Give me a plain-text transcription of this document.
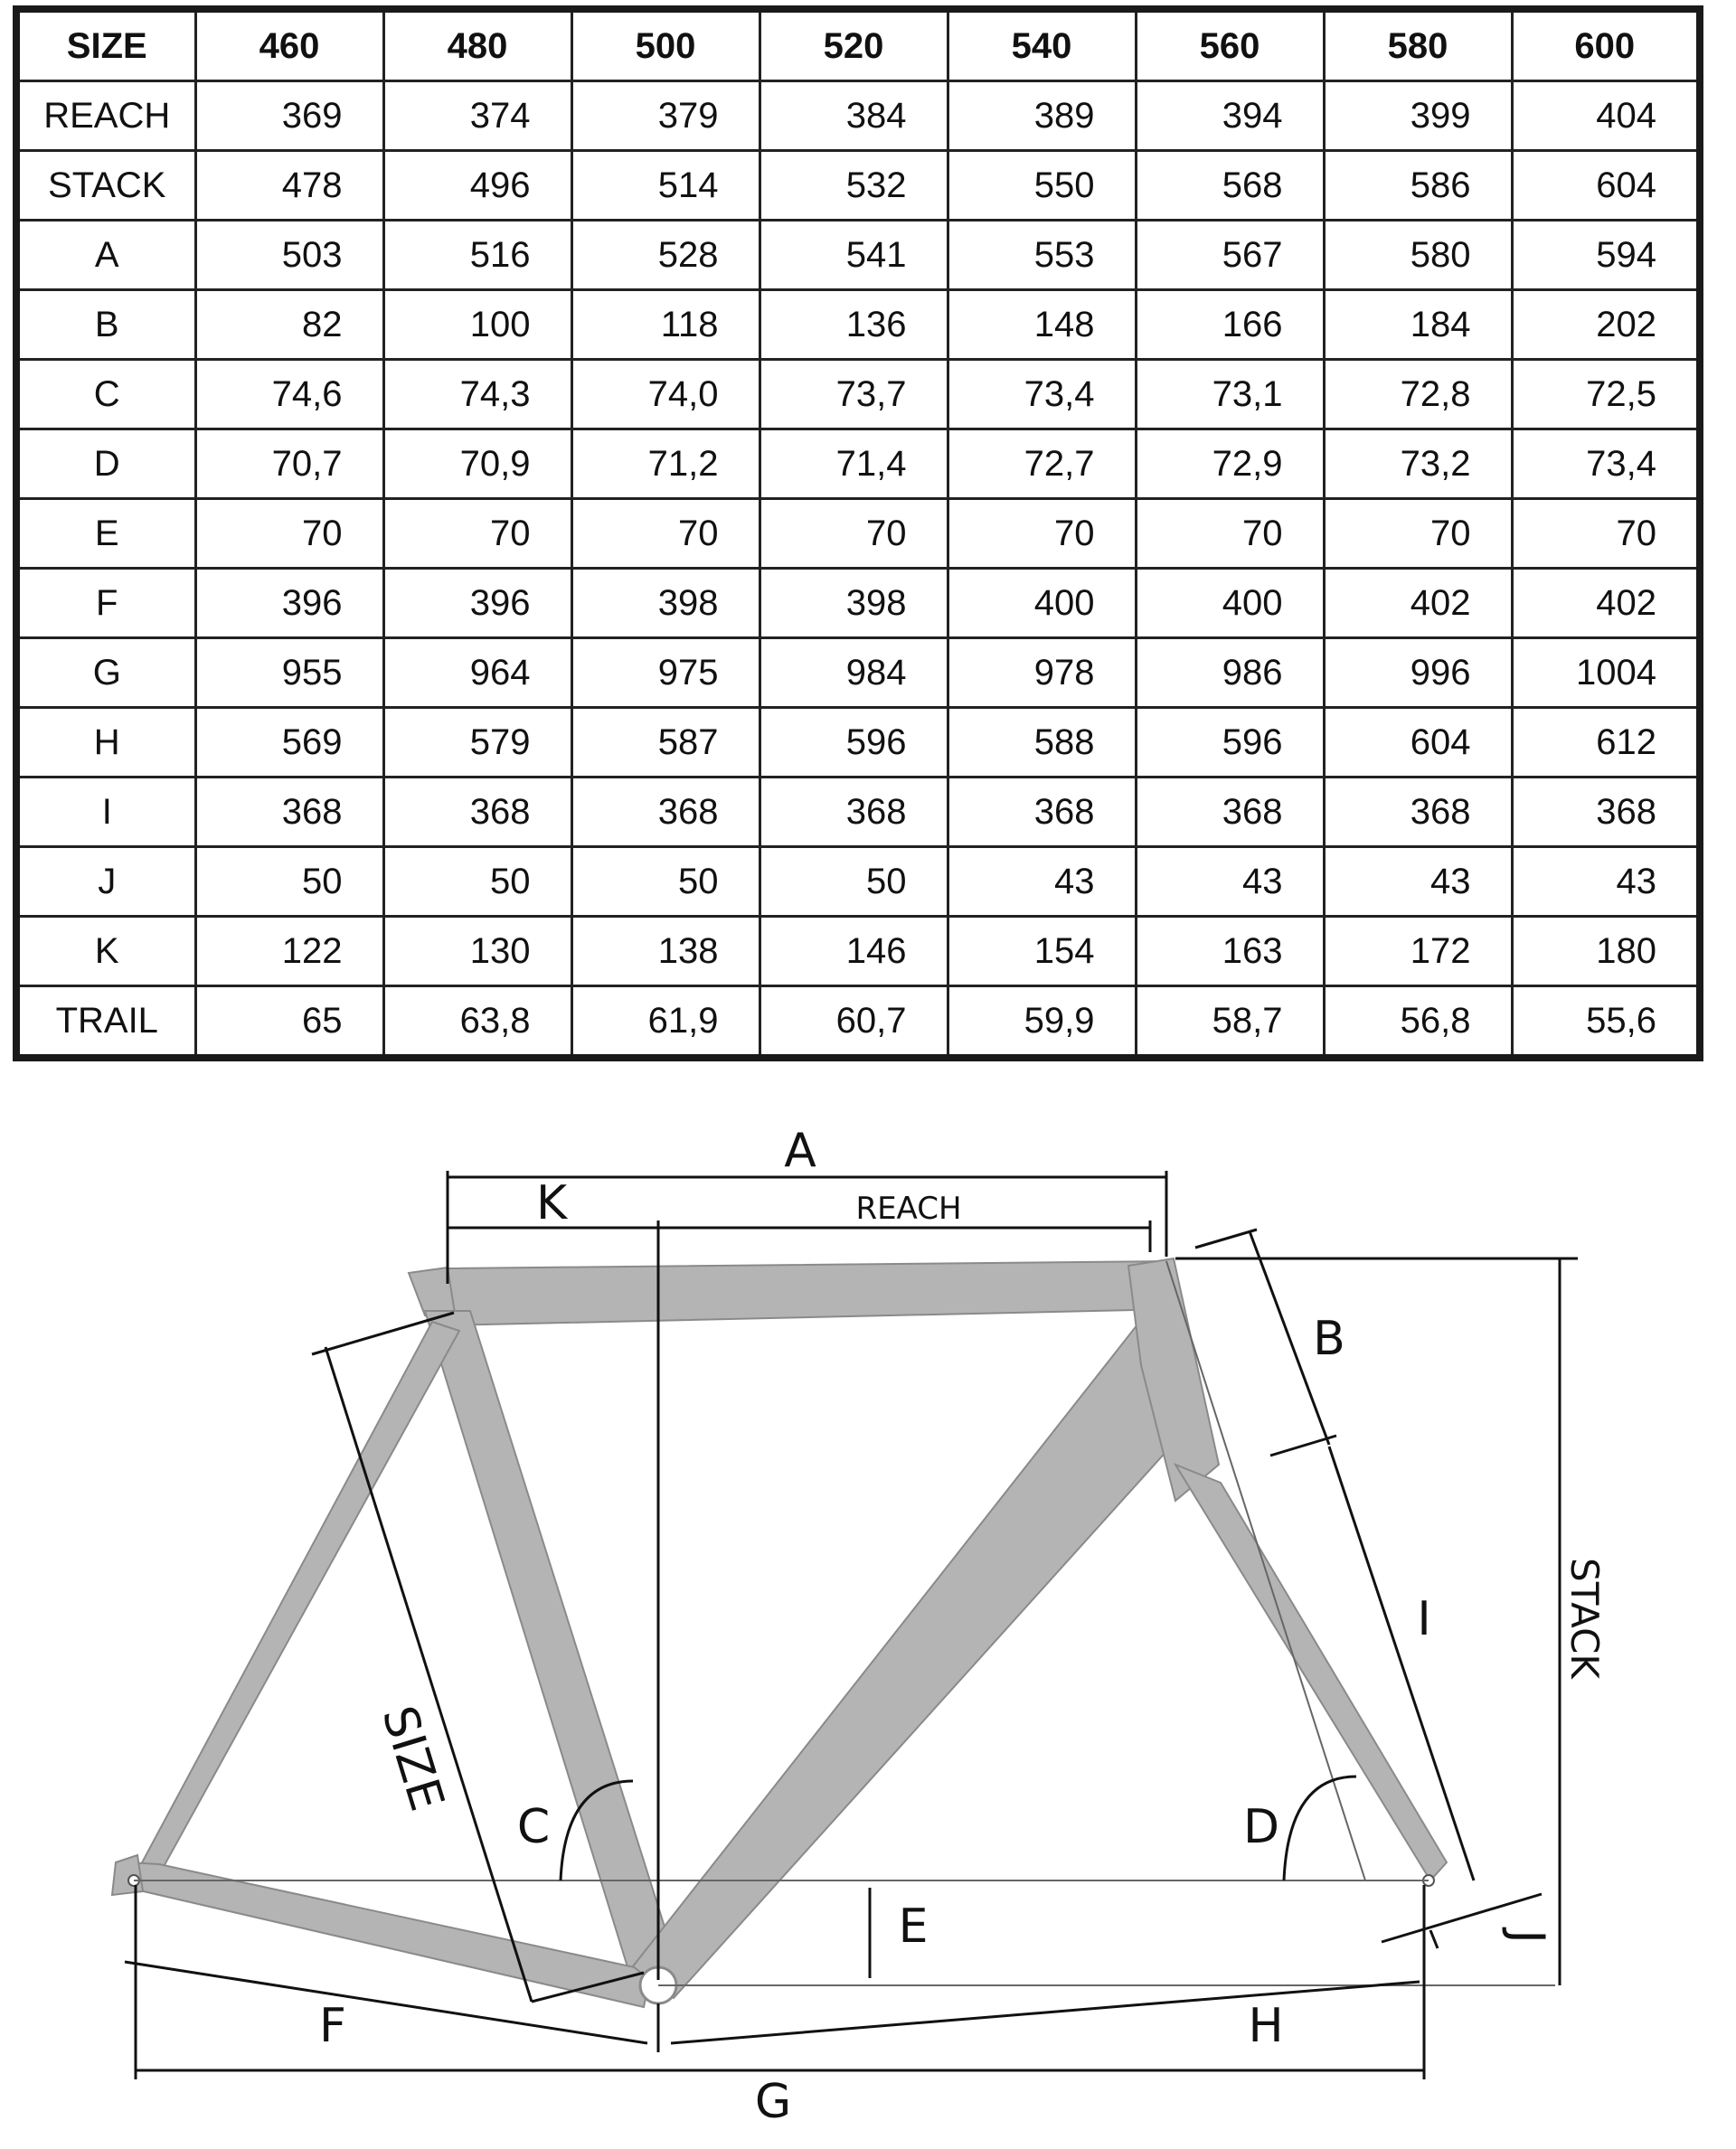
SIZE	460	480	500	520	540	560	580	600
REACH	369	374	379	384	389	394	399	404
STACK	478	496	514	532	550	568	586	604
A	503	516	528	541	553	567	580	594
B	82	100	118	136	148	166	184	202
C	74,6	74,3	74,0	73,7	73,4	73,1	72,8	72,5
D	70,7	70,9	71,2	71,4	72,7	72,9	73,2	73,4
E	70	70	70	70	70	70	70	70
F	396	396	398	398	400	400	402	402
G	955	964	975	984	978	986	996	1004
H	569	579	587	596	588	596	604	612
I	368	368	368	368	368	368	368	368
J	50	50	50	50	43	43	43	43
K	122	130	138	146	154	163	172	180
TRAIL	65	63,8	61,9	60,7	59,9	58,7	56,8	55,6
A
K	REACH
B
STACK
I
SIZE
C	D
E	J
F	H
G
